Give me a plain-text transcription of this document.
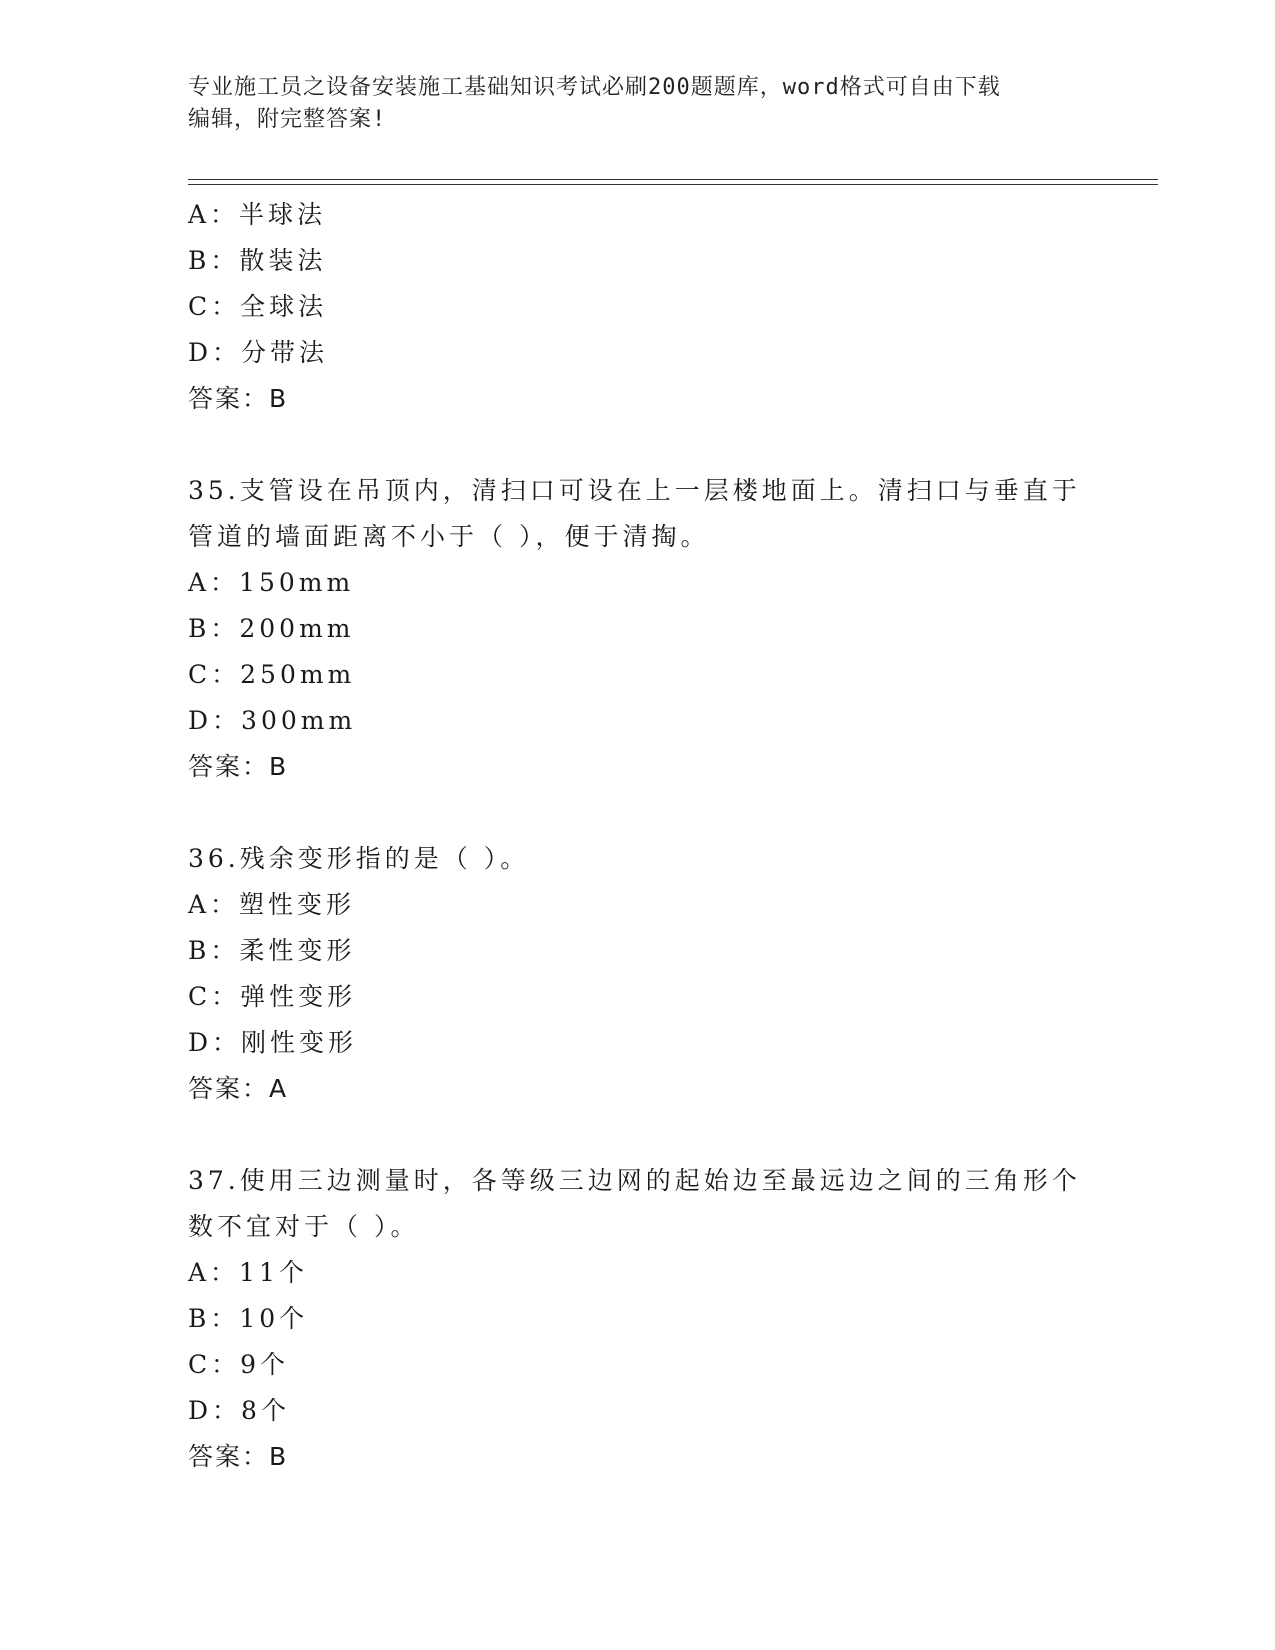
专业施工员之设备安装施工基础知识考试必刷200题题库，word格式可自由下载
编辑，附完整答案!
A：半球法
B：散装法
C：全球法
D：分带法
答案：B
35.支管设在吊顶内，清扫口可设在上一层楼地面上。清扫口与垂直于
管道的墙面距离不小于（ ），便于清掏。
A：150mm
B：200mm
C：250mm
D：300mm
答案：B
36.残余变形指的是（ ）。
A：塑性变形
B：柔性变形
C：弹性变形
D：刚性变形
答案：A
37.使用三边测量时，各等级三边网的起始边至最远边之间的三角形个
数不宜对于（ ）。
A：11个
B：10个
C：9个
D：8个
答案：B
